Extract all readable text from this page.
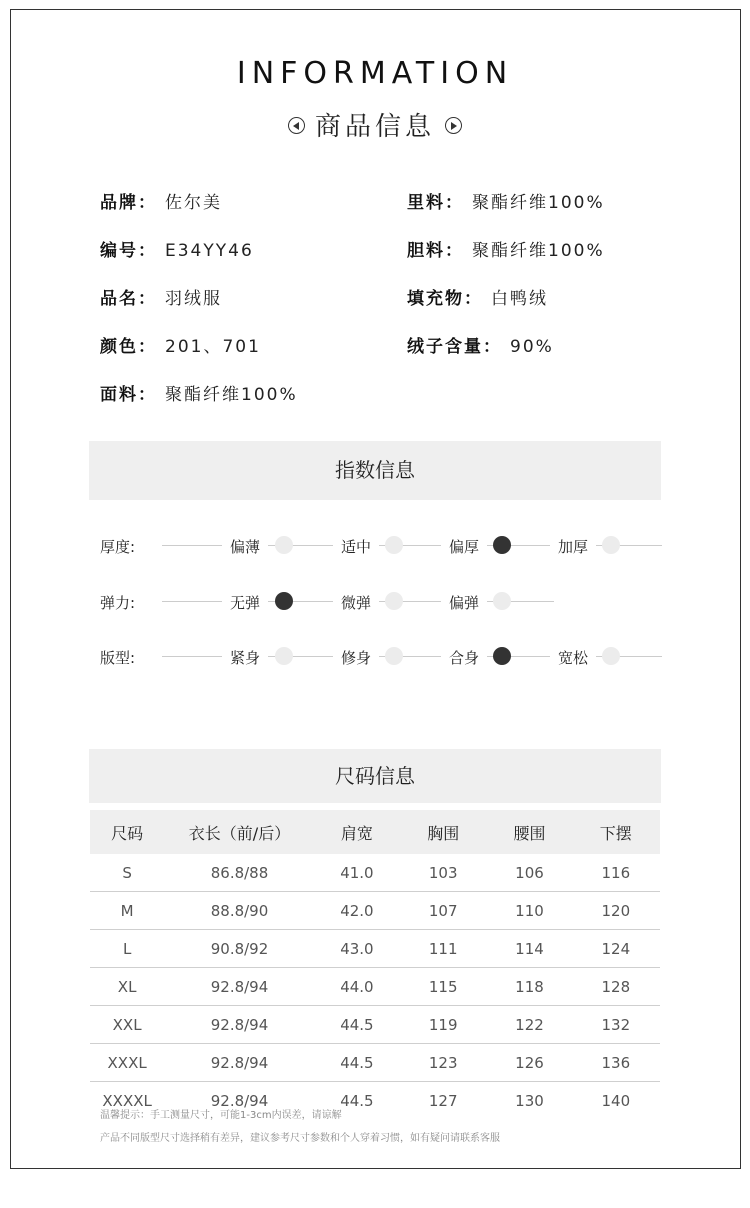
INFORMATION
商品信息
品牌： 佐尔美	里料： 聚酯纤维100%
编号： E34YY46	胆料： 聚酯纤维100%
品名： 羽绒服	填充物： 白鸭绒
颜色： 201、701	绒子含量： 90%
面料： 聚酯纤维100%
指数信息
厚度:	偏薄	适中	偏厚	加厚
弹力:	无弹	微弹	偏弹
版型:	紧身	修身	合身	宽松
尺码信息
尺码	衣长（前/后）	肩宽	胸围	腰围	下摆
S	86.8/88	41.0	103	106	116
M	88.8/90	42.0	107	110	120
L	90.8/92	43.0	111	114	124
XL	92.8/94	44.0	115	118	128
XXL	92.8/94	44.5	119	122	132
XXXL	92.8/94	44.5	123	126	136
XXXXL	92.8/94	44.5	127	130	140
温馨提示：手工测量尺寸，可能1-3cm内误差，请谅解
产品不同版型尺寸选择稍有差异，建议参考尺寸参数和个人穿着习惯，如有疑问请联系客服
